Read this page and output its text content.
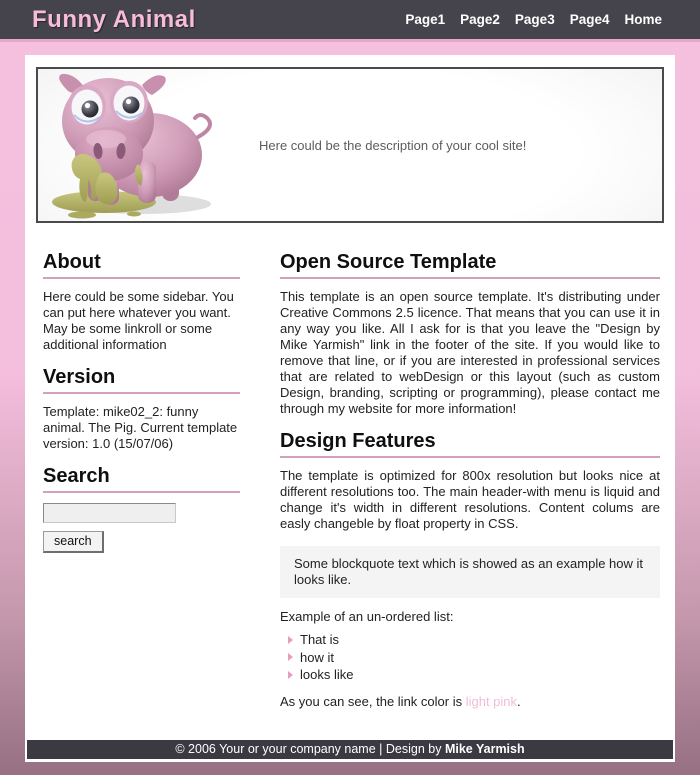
Funny Animal	Page1 Page2 Page3 Page4 Home
Here could be the description of your cool site!
About

Here could be some sidebar. You can put here whatever you want. May be some linkroll or some additional information

Version

Template: mike02_2: funny animal. The Pig. Current template version: 1.0 (15/07/06)

Search
search
Open Source Template

This template is an open source template. It's distributing under Creative Commons 2.5 licence. That means that you can use it in any way you like. All I ask for is that you leave the "Design by Mike Yarmish" link in the footer of the site. If you would like to remove that line, or if you are interested in professional services that are related to webDesign or this layout (such as custom Design, branding, scripting or programming), please contact me through my website for more information!

Design Features

The template is optimized for 800x resolution but looks nice at different resolutions too. The main header-with menu is liquid and change it's width in different resolutions. Content colums are easly changeble by float property in CSS.

Some blockquote text which is showed as an example how it looks like.

Example of an un-ordered list:

That is
how it
looks like

As you can see, the link color is light pink.

© 2006 Your or your company name | Design by Mike Yarmish
